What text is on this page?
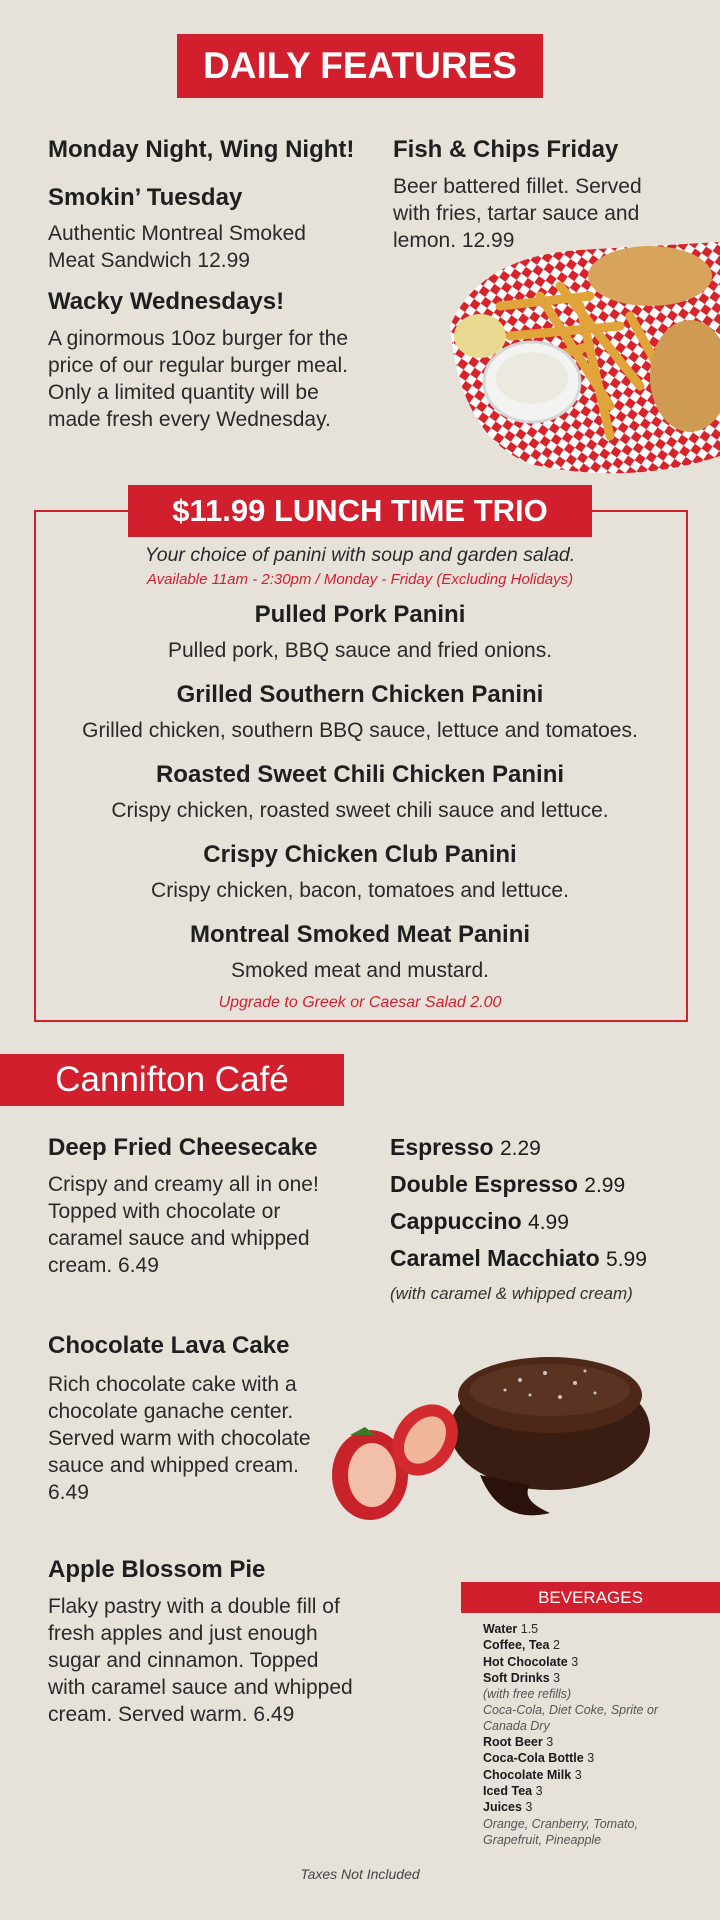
DAILY FEATURES
Monday Night, Wing Night!
Smokin’ Tuesday
Authentic Montreal Smoked Meat Sandwich 12.99
Wacky Wednesdays!
A ginormous 10oz burger for the price of our regular burger meal. Only a limited quantity will be made fresh every Wednesday.
Fish & Chips Friday
Beer battered fillet. Served with fries, tartar sauce and lemon. 12.99
$11.99 LUNCH TIME TRIO
Your choice of panini with soup and garden salad.
Available 11am - 2:30pm / Monday - Friday (Excluding Holidays)
Pulled Pork Panini
Pulled pork, BBQ sauce and fried onions.
Grilled Southern Chicken Panini
Grilled chicken, southern BBQ sauce, lettuce and tomatoes.
Roasted Sweet Chili Chicken Panini
Crispy chicken, roasted sweet chili sauce and lettuce.
Crispy Chicken Club Panini
Crispy chicken, bacon, tomatoes and lettuce.
Montreal Smoked Meat Panini
Smoked meat and mustard.
Upgrade to Greek or Caesar Salad 2.00
Cannifton Café
Deep Fried Cheesecake
Crispy and creamy all in one! Topped with chocolate or caramel sauce and whipped cream. 6.49
Espresso 2.29
Double Espresso 2.99
Cappuccino 4.99
Caramel Macchiato 5.99
(with caramel & whipped cream)
Chocolate Lava Cake
Rich chocolate cake with a chocolate ganache center. Served warm with chocolate sauce and whipped cream. 6.49
Apple Blossom Pie
Flaky pastry with a double fill of fresh apples and just enough sugar and cinnamon. Topped with caramel sauce and whipped cream. Served warm. 6.49
BEVERAGES
Water 1.5
Coffee, Tea 2
Hot Chocolate 3
Soft Drinks 3
(with free refills)
Coca-Cola, Diet Coke, Sprite or Canada Dry
Root Beer 3
Coca-Cola Bottle 3
Chocolate Milk 3
Iced Tea 3
Juices 3
Orange, Cranberry, Tomato, Grapefruit, Pineapple
Taxes Not Included
